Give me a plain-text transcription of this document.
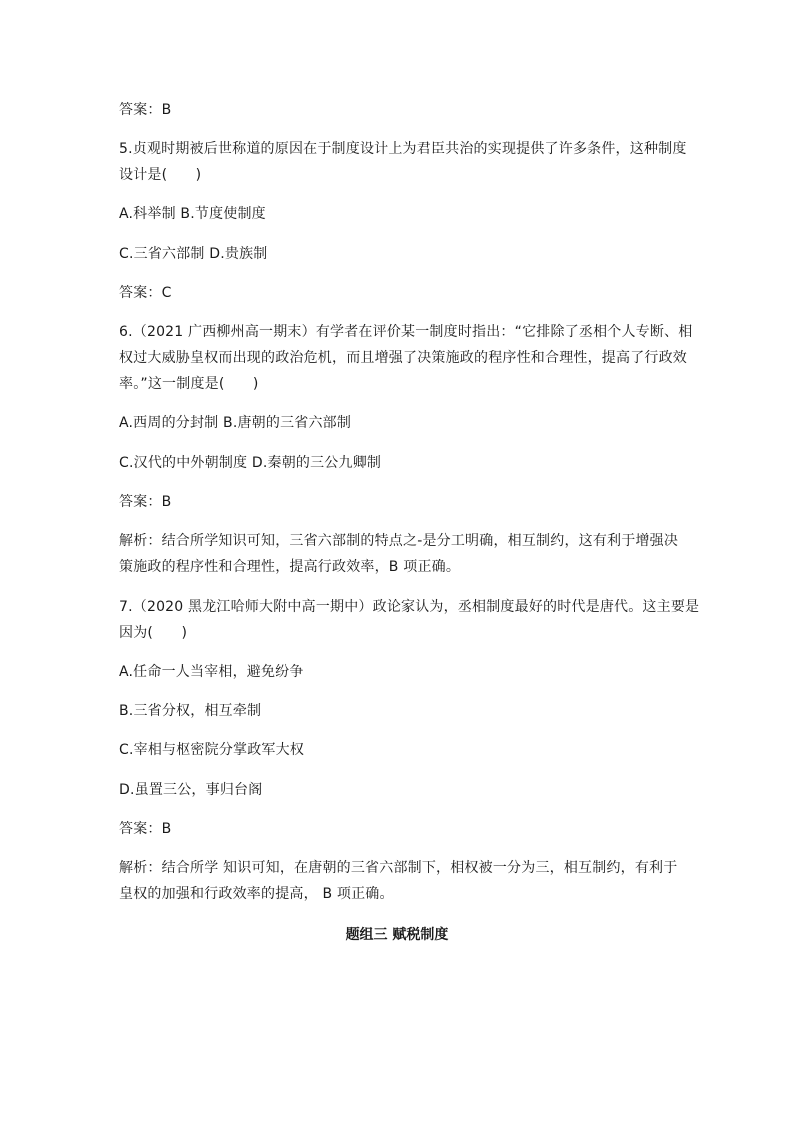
答案：B
5.贞观时期被后世称道的原因在于制度设计上为君臣共治的实现提供了许多条件，这种制度
设计是(　　)
A.科举制 B.节度使制度
C.三省六部制 D.贵族制
答案：C
6.（2021 广西柳州高一期末）有学者在评价某一制度时指出：“它排除了丞相个人专断、相
权过大威胁皇权而出现的政治危机，而且增强了决策施政的程序性和合理性，提高了行政效
率。”这一制度是(　　)
A.西周的分封制 B.唐朝的三省六部制
C.汉代的中外朝制度 D.秦朝的三公九卿制
答案：B
解析：结合所学知识可知，三省六部制的特点之-是分工明确，相互制约，这有利于增强决
策施政的程序性和合理性，提高行政效率，B 项正确。
7.（2020 黑龙江哈师大附中高一期中）政论家认为，丞相制度最好的时代是唐代。这主要是
因为(　　)
A.任命一人当宰相，避免纷争
B.三省分权，相互牵制
C.宰相与枢密院分掌政军大权
D.虽置三公，事归台阁
答案：B
解析：结合所学 知识可知，在唐朝的三省六部制下，相权被一分为三，相互制约，有利于
皇权的加强和行政效率的提高， B 项正确。
题组三 赋税制度
